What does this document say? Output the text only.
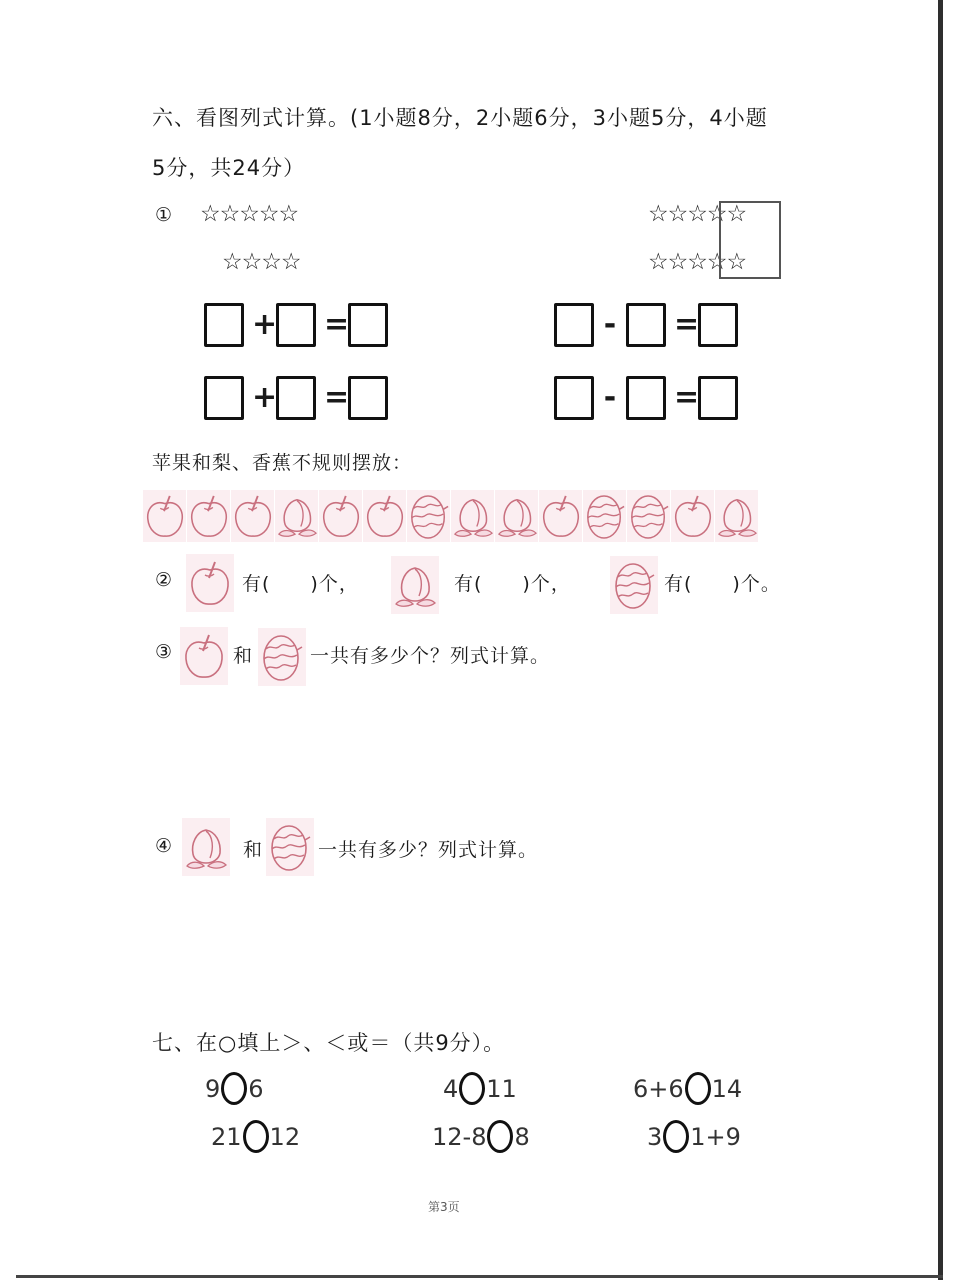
六、看图列式计算。(1小题8分，2小题6分，3小题5分，4小题
5分，共24分）
① ☆☆☆☆☆
☆☆☆☆
☆☆☆☆☆
☆☆☆☆☆
+ =
+ =
- =
- =
苹果和梨、香蕉不规则摆放：
②	有(　　)个，	有(　　)个，	有(　　)个。
③	和	一共有多少个？列式计算。
④	和	一共有多少？列式计算。
七、在○填上＞、＜或＝（共9分）。
9 6	4 11	6+6 14
21 12	12-8 8	3 1+9
第3页
